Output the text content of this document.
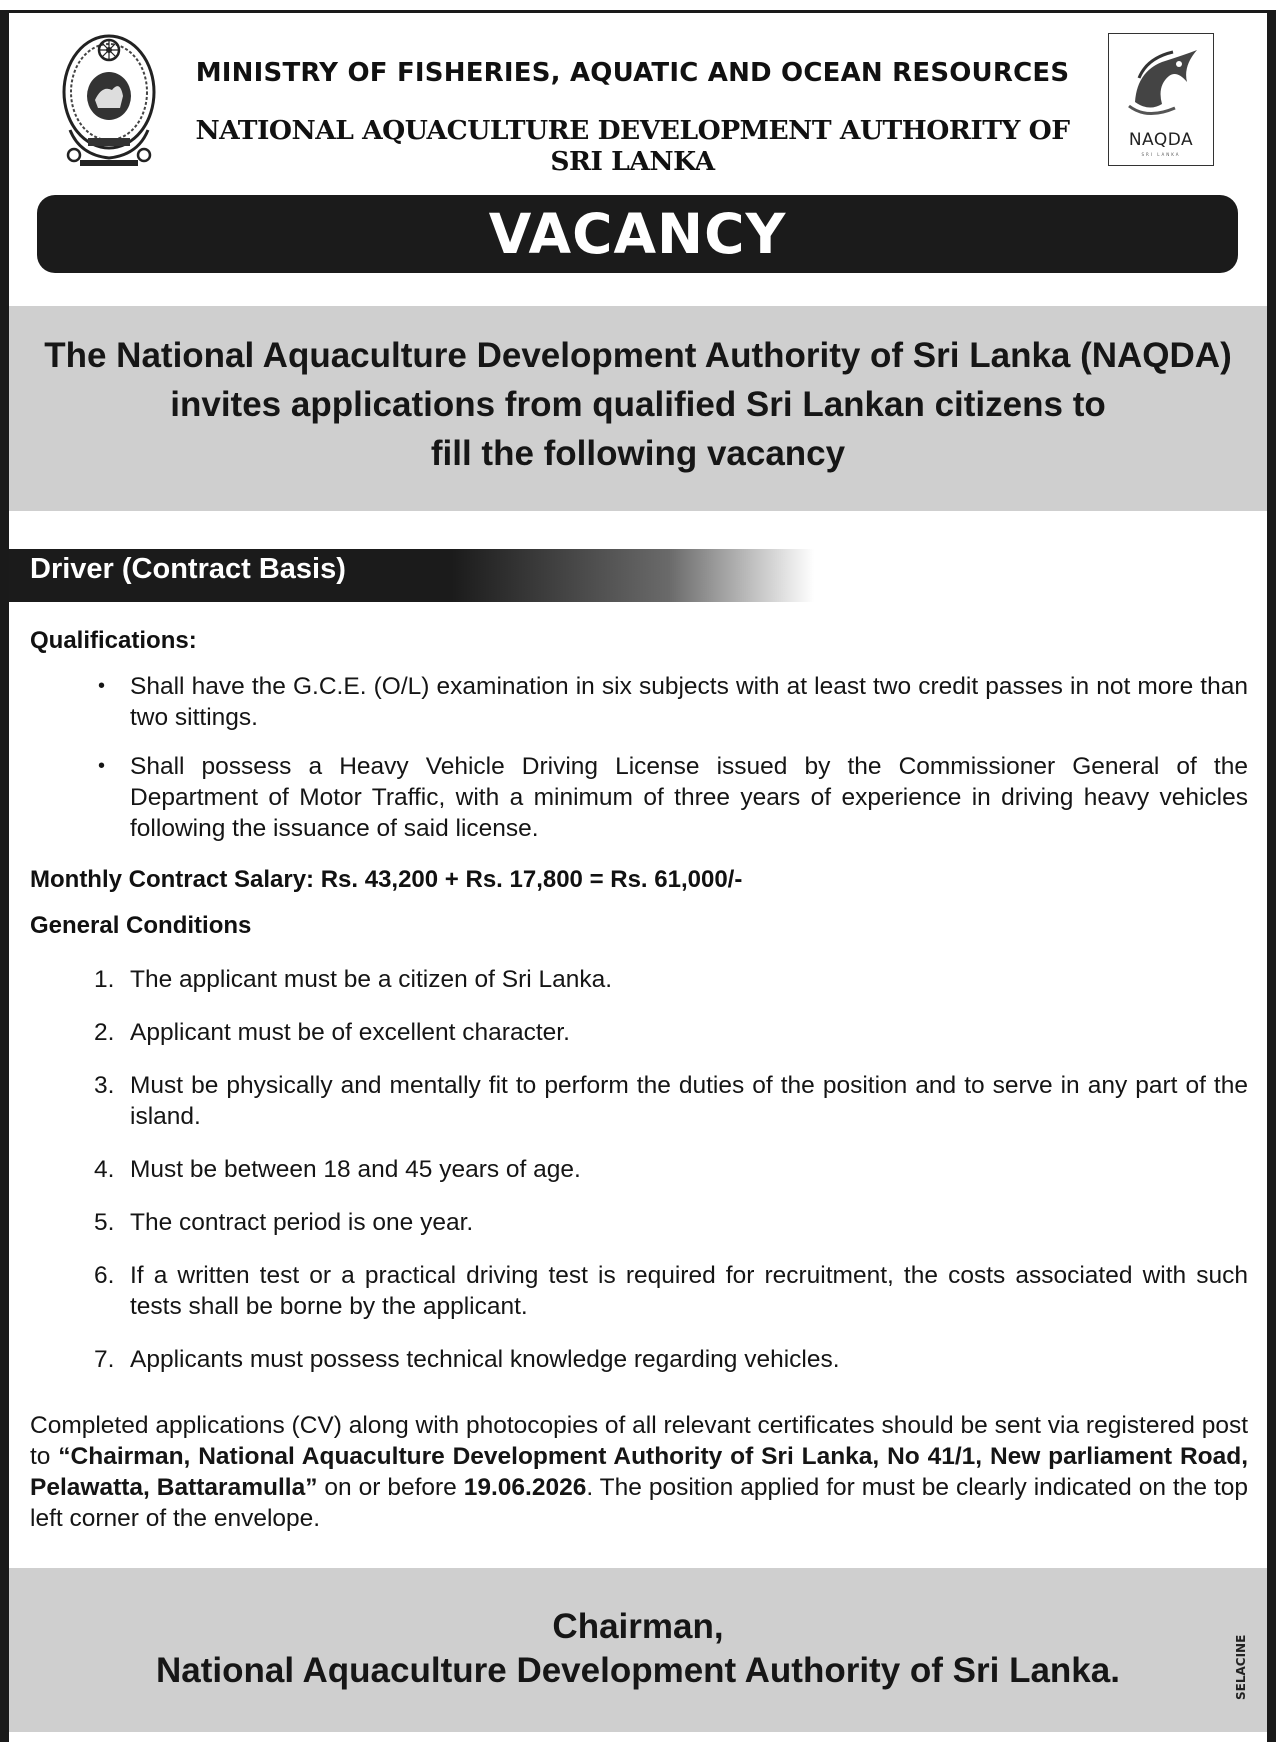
MINISTRY OF FISHERIES, AQUATIC AND OCEAN RESOURCES
NATIONAL AQUACULTURE DEVELOPMENT AUTHORITY OF SRI LANKA
NAQDA
SRI LANKA
VACANCY
The National Aquaculture Development Authority of Sri Lanka (NAQDA)
invites applications from qualified Sri Lankan citizens to
fill the following vacancy
Driver (Contract Basis)
Qualifications:
• Shall have the G.C.E. (O/L) examination in six subjects with at least two credit passes in not more than two sittings.
• Shall possess a Heavy Vehicle Driving License issued by the Commissioner General of the Department of Motor Traffic, with a minimum of three years of experience in driving heavy vehicles following the issuance of said license.
Monthly Contract Salary: Rs. 43,200 + Rs. 17,800 = Rs. 61,000/-
General Conditions
1. The applicant must be a citizen of Sri Lanka.
2. Applicant must be of excellent character.
3. Must be physically and mentally fit to perform the duties of the position and to serve in any part of the island.
4. Must be between 18 and 45 years of age.
5. The contract period is one year.
6. If a written test or a practical driving test is required for recruitment, the costs associated with such tests shall be borne by the applicant.
7. Applicants must possess technical knowledge regarding vehicles.
Completed applications (CV) along with photocopies of all relevant certificates should be sent via registered post to “Chairman, National Aquaculture Development Authority of Sri Lanka, No 41/1, New parliament Road, Pelawatta, Battaramulla” on or before 19.06.2026. The position applied for must be clearly indicated on the top left corner of the envelope.
Chairman,
National Aquaculture Development Authority of Sri Lanka.	SELACINE
